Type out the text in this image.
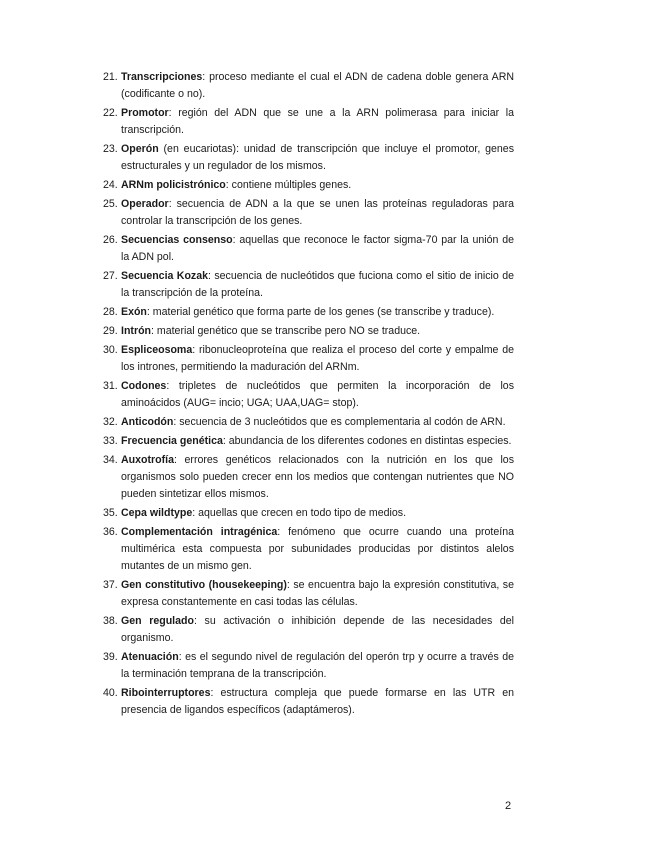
21. Transcripciones: proceso mediante el cual el ADN de cadena doble genera ARN (codificante o no).
22. Promotor: región del ADN que se une a la ARN polimerasa para iniciar la transcripción.
23. Operón (en eucariotas): unidad de transcripción que incluye el promotor, genes estructurales y un regulador de los mismos.
24. ARNm policistrónico: contiene múltiples genes.
25. Operador: secuencia de ADN a la que se unen las proteínas reguladoras para controlar la transcripción de los genes.
26. Secuencias consenso: aquellas que reconoce le factor sigma-70 par la unión de la ADN pol.
27. Secuencia Kozak: secuencia de nucleótidos que fuciona como el sitio de inicio de la transcripción de la proteína.
28. Exón: material genético que forma parte de los genes (se transcribe y traduce).
29. Intrón: material genético que se transcribe pero NO se traduce.
30. Espliceosoma: ribonucleoproteína que realiza el proceso del corte y empalme de los intrones, permitiendo la maduración del ARNm.
31. Codones: tripletes de nucleótidos que permiten la incorporación de los aminoácidos (AUG= incio; UGA; UAA,UAG= stop).
32. Anticodón: secuencia de 3 nucleótidos que es complementaria al codón de ARN.
33. Frecuencia genética: abundancia de los diferentes codones en distintas especies.
34. Auxotrofía: errores genéticos relacionados con la nutrición en los que los organismos solo pueden crecer enn los medios que contengan nutrientes que NO pueden sintetizar ellos mismos.
35. Cepa wildtype: aquellas que crecen en todo tipo de medios.
36. Complementación intragénica: fenómeno que ocurre cuando una proteína multimérica esta compuesta por subunidades producidas por distintos alelos mutantes de un mismo gen.
37. Gen constitutivo (housekeeping): se encuentra bajo la expresión constitutiva, se expresa constantemente en casi todas las células.
38. Gen regulado: su activación o inhibición depende de las necesidades del organismo.
39. Atenuación: es el segundo nivel de regulación del operón trp y ocurre a través de la terminación temprana de la transcripción.
40. Ribointerruptores: estructura compleja que puede formarse en las UTR en presencia de ligandos específicos (adaptámeros).
2
